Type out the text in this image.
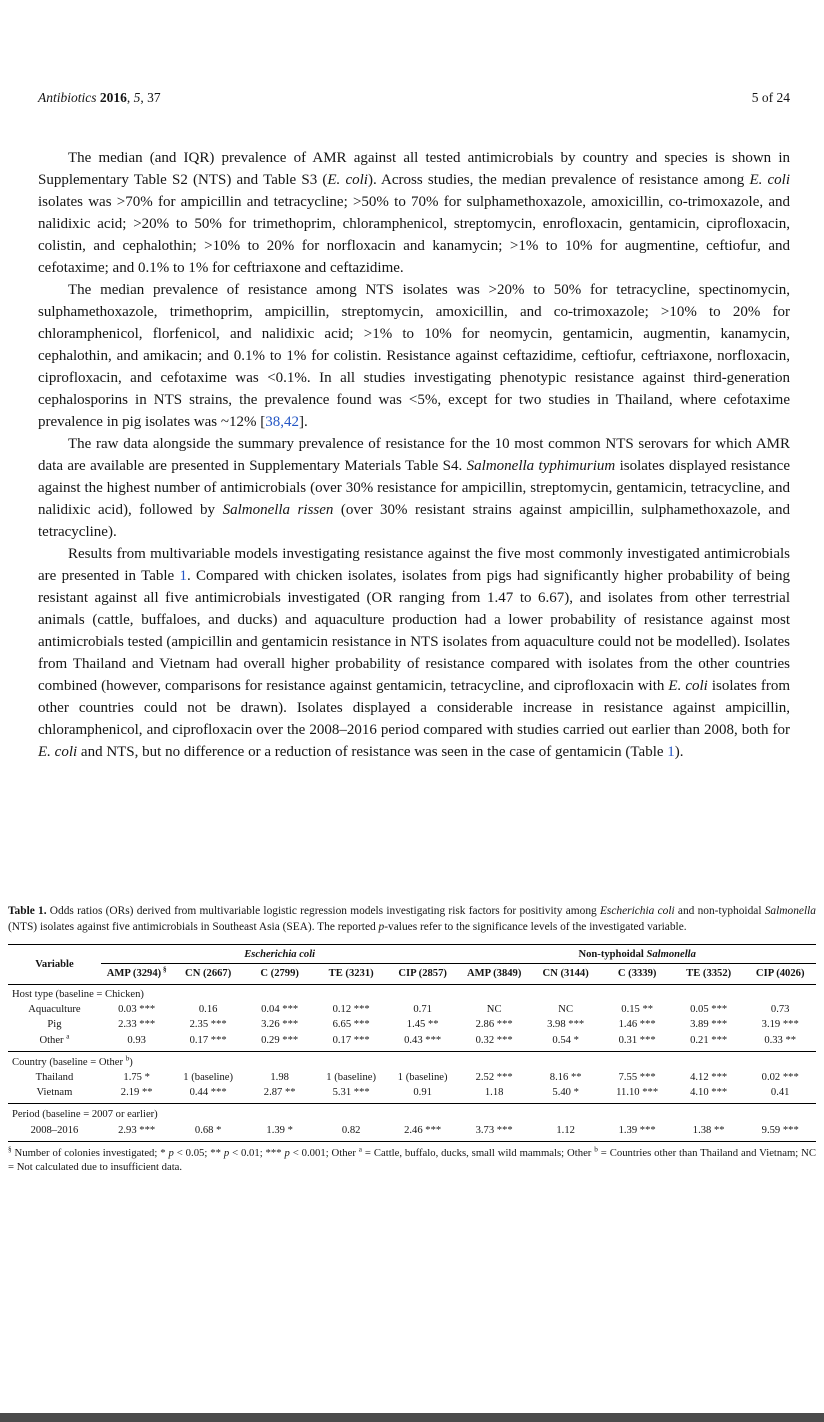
Antibiotics 2016, 5, 37	5 of 24

The median (and IQR) prevalence of AMR against all tested antimicrobials by country and species is shown in Supplementary Table S2 (NTS) and Table S3 (E. coli). Across studies, the median prevalence of resistance among E. coli isolates was >70% for ampicillin and tetracycline; >50% to 70% for sulphamethoxazole, amoxicillin, co-trimoxazole, and nalidixic acid; >20% to 50% for trimethoprim, chloramphenicol, streptomycin, enrofloxacin, gentamicin, ciprofloxacin, colistin, and cephalothin; >10% to 20% for norfloxacin and kanamycin; >1% to 10% for augmentine, ceftiofur, and cefotaxime; and 0.1% to 1% for ceftriaxone and ceftazidime.

The median prevalence of resistance among NTS isolates was >20% to 50% for tetracycline, spectinomycin, sulphamethoxazole, trimethoprim, ampicillin, streptomycin, amoxicillin, and co-trimoxazole; >10% to 20% for chloramphenicol, florfenicol, and nalidixic acid; >1% to 10% for neomycin, gentamicin, augmentin, kanamycin, cephalothin, and amikacin; and 0.1% to 1% for colistin. Resistance against ceftazidime, ceftiofur, ceftriaxone, norfloxacin, ciprofloxacin, and cefotaxime was <0.1%. In all studies investigating phenotypic resistance against third-generation cephalosporins in NTS strains, the prevalence found was <5%, except for two studies in Thailand, where cefotaxime prevalence in pig isolates was ~12% [38,42].

The raw data alongside the summary prevalence of resistance for the 10 most common NTS serovars for which AMR data are available are presented in Supplementary Materials Table S4. Salmonella typhimurium isolates displayed resistance against the highest number of antimicrobials (over 30% resistance for ampicillin, streptomycin, gentamicin, tetracycline, and nalidixic acid), followed by Salmonella rissen (over 30% resistant strains against ampicillin, sulphamethoxazole, and tetracycline).

Results from multivariable models investigating resistance against the five most commonly investigated antimicrobials are presented in Table 1. Compared with chicken isolates, isolates from pigs had significantly higher probability of being resistant against all five antimicrobials investigated (OR ranging from 1.47 to 6.67), and isolates from other terrestrial animals (cattle, buffaloes, and ducks) and aquaculture production had a lower probability of resistance against most antimicrobials tested (ampicillin and gentamicin resistance in NTS isolates from aquaculture could not be modelled). Isolates from Thailand and Vietnam had overall higher probability of resistance compared with isolates from the other countries combined (however, comparisons for resistance against gentamicin, tetracycline, and ciprofloxacin with E. coli isolates from other countries could not be drawn). Isolates displayed a considerable increase in resistance against ampicillin, chloramphenicol, and ciprofloxacin over the 2008–2016 period compared with studies carried out earlier than 2008, both for E. coli and NTS, but no difference or a reduction of resistance was seen in the case of gentamicin (Table 1).

Table 1. Odds ratios (ORs) derived from multivariable logistic regression models investigating risk factors for positivity among Escherichia coli and non-typhoidal Salmonella (NTS) isolates against five antimicrobials in Southeast Asia (SEA). The reported p-values refer to the significance levels of the investigated variable.

Variable	Escherichia coli					Non-typhoidal Salmonella				
	AMP (3294) §	CN (2667)	C (2799)	TE (3231)	CIP (2857)	AMP (3849)	CN (3144)	C (3339)	TE (3352)	CIP (4026)
Host type (baseline = Chicken)										
Aquaculture	0.03 ***	0.16	0.04 ***	0.12 ***	0.71	NC	NC	0.15 **	0.05 ***	0.73
Pig	2.33 ***	2.35 ***	3.26 ***	6.65 ***	1.45 **	2.86 ***	3.98 ***	1.46 ***	3.89 ***	3.19 ***
Other $^a$	0.93	0.17 ***	0.29 ***	0.17 ***	0.43 ***	0.32 ***	0.54 *	0.31 ***	0.21 ***	0.33 **
Country (baseline = Other $^b$)										
Thailand	1.75 *	1 (baseline)	1.98	1 (baseline)	1 (baseline)	2.52 ***	8.16 **	7.55 ***	4.12 ***	0.02 ***
Vietnam	2.19 **	0.44 ***	2.87 **	5.31 ***	0.91	1.18	5.40 *	11.10 ***	4.10 ***	0.41
Period (baseline = 2007 or earlier)										
2008–2016	2.93 ***	0.68 *	1.39 *	0.82	2.46 ***	3.73 ***	1.12	1.39 ***	1.38 **	9.59 ***

§ Number of colonies investigated; * p < 0.05; ** p < 0.01; *** p < 0.001; Other $^a$ = Cattle, buffalo, ducks, small wild mammals; Other $^b$ = Countries other than Thailand and Vietnam; NC = Not calculated due to insufficient data.
